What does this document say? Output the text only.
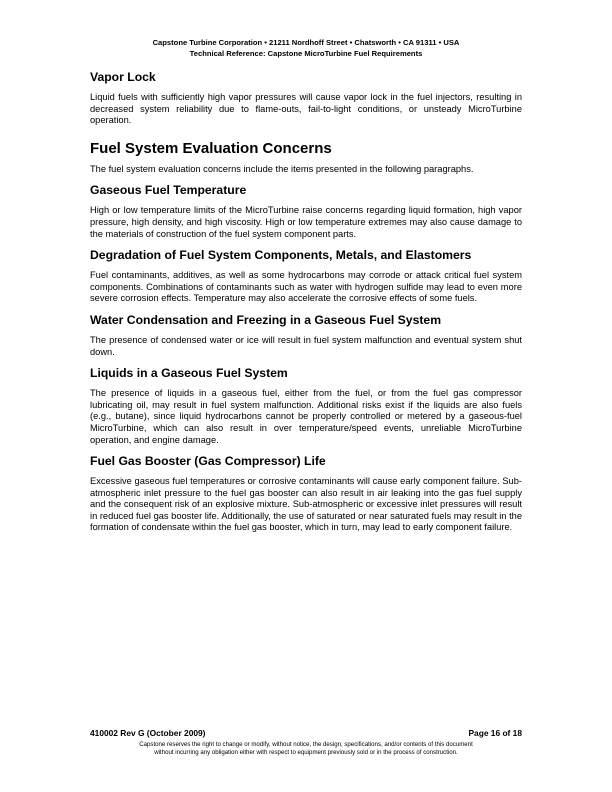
Capstone Turbine Corporation • 21211 Nordhoff Street • Chatsworth • CA 91311 • USA
Technical Reference: Capstone MicroTurbine Fuel Requirements
Vapor Lock

Liquid fuels with sufficiently high vapor pressures will cause vapor lock in the fuel injectors, resulting in decreased system reliability due to flame-outs, fail-to-light conditions, or unsteady MicroTurbine operation.

Fuel System Evaluation Concerns

The fuel system evaluation concerns include the items presented in the following paragraphs.

Gaseous Fuel Temperature

High or low temperature limits of the MicroTurbine raise concerns regarding liquid formation, high vapor pressure, high density, and high viscosity. High or low temperature extremes may also cause damage to the materials of construction of the fuel system component parts.

Degradation of Fuel System Components, Metals, and Elastomers

Fuel contaminants, additives, as well as some hydrocarbons may corrode or attack critical fuel system components. Combinations of contaminants such as water with hydrogen sulfide may lead to even more severe corrosion effects. Temperature may also accelerate the corrosive effects of some fuels.

Water Condensation and Freezing in a Gaseous Fuel System

The presence of condensed water or ice will result in fuel system malfunction and eventual system shut down.

Liquids in a Gaseous Fuel System

The presence of liquids in a gaseous fuel, either from the fuel, or from the fuel gas compressor lubricating oil, may result in fuel system malfunction. Additional risks exist if the liquids are also fuels (e.g., butane), since liquid hydrocarbons cannot be properly controlled or metered by a gaseous-fuel MicroTurbine, which can also result in over temperature/speed events, unreliable MicroTurbine operation, and engine damage.

Fuel Gas Booster (Gas Compressor) Life

Excessive gaseous fuel temperatures or corrosive contaminants will cause early component failure. Sub-atmospheric inlet pressure to the fuel gas booster can also result in air leaking into the gas fuel supply and the consequent risk of an explosive mixture. Sub-atmospheric or excessive inlet pressures will result in reduced fuel gas booster life. Additionally, the use of saturated or near saturated fuels may result in the formation of condensate within the fuel gas booster, which in turn, may lead to early component failure.

410002 Rev G (October 2009)	Page 16 of 18
Capstone reserves the right to change or modify, without notice, the design, specifications, and/or contents of this document
without incurring any obligation either with respect to equipment previously sold or in the process of construction.
